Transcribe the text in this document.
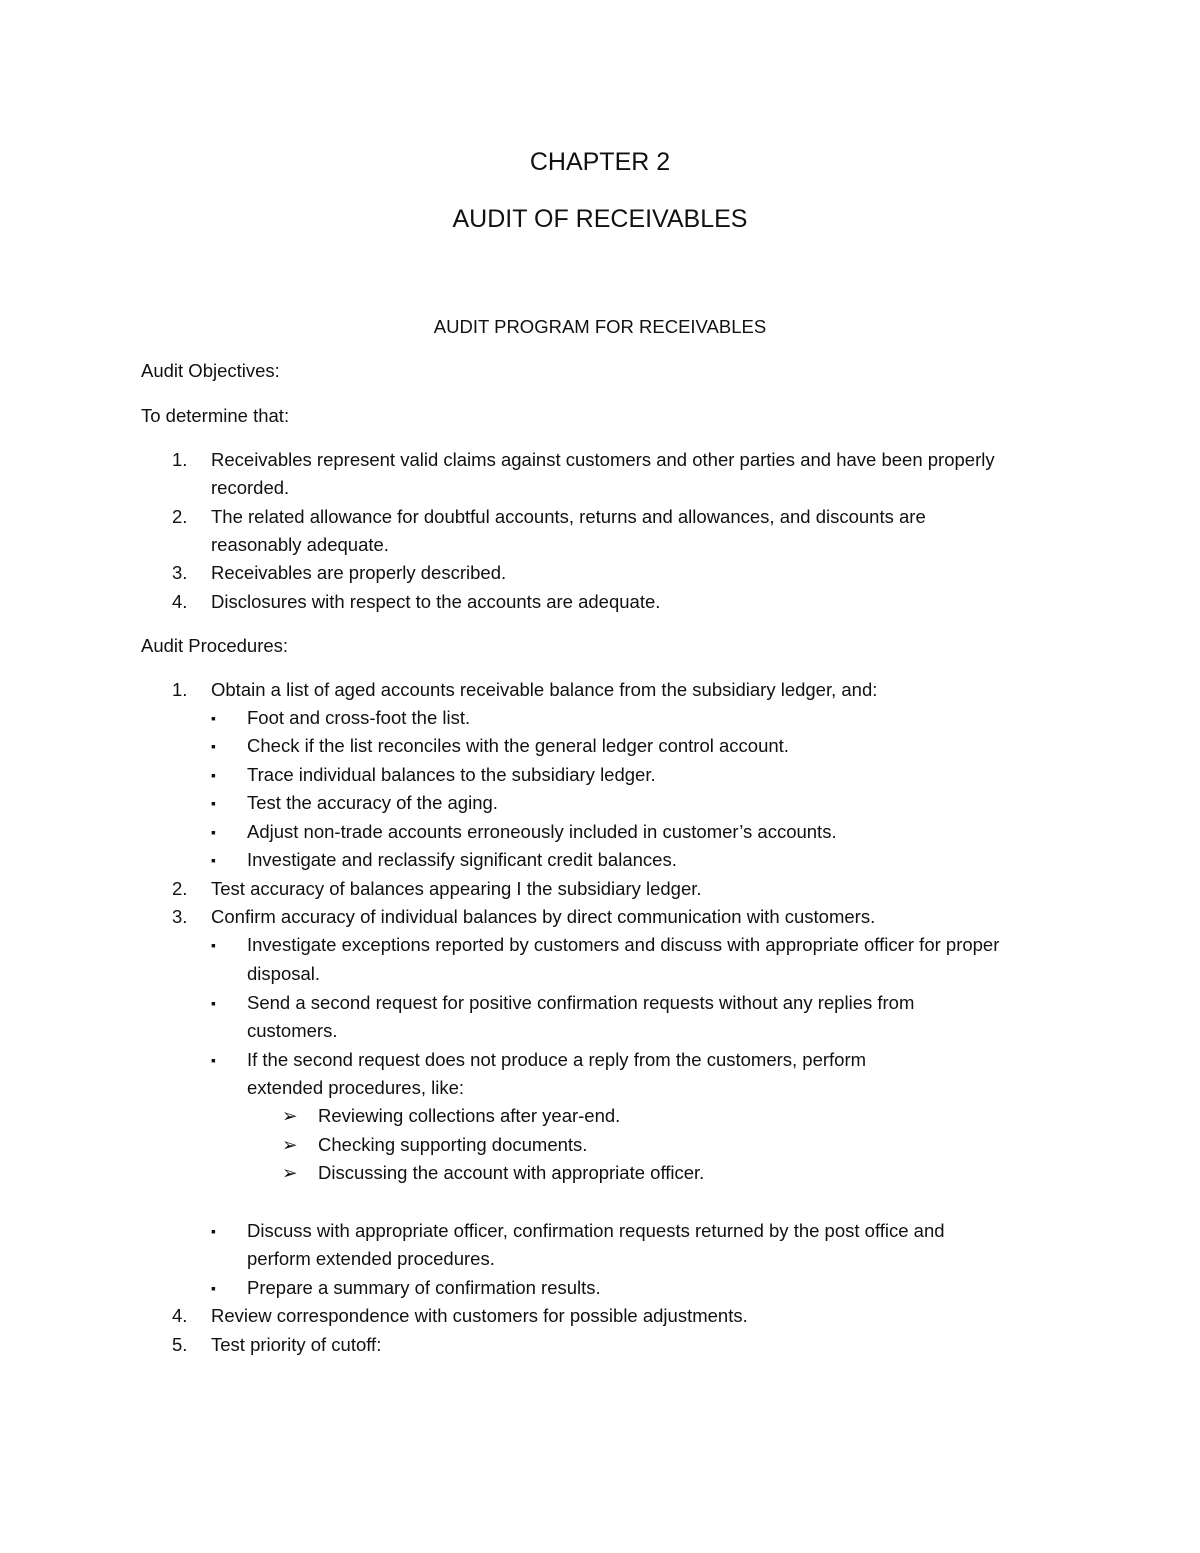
CHAPTER 2
AUDIT OF RECEIVABLES
AUDIT PROGRAM FOR RECEIVABLES
Audit Objectives:
To determine that:
1. Receivables represent valid claims against customers and other parties and have been properly
recorded.
2. The related allowance for doubtful accounts, returns and allowances, and discounts are
reasonably adequate.
3. Receivables are properly described.
4. Disclosures with respect to the accounts are adequate.
Audit Procedures:
1. Obtain a list of aged accounts receivable balance from the subsidiary ledger, and:
▪ Foot and cross-foot the list.
▪ Check if the list reconciles with the general ledger control account.
▪ Trace individual balances to the subsidiary ledger.
▪ Test the accuracy of the aging.
▪ Adjust non-trade accounts erroneously included in customer’s accounts.
▪ Investigate and reclassify significant credit balances.
2. Test accuracy of balances appearing I the subsidiary ledger.
3. Confirm accuracy of individual balances by direct communication with customers.
▪ Investigate exceptions reported by customers and discuss with appropriate officer for proper
disposal.
▪ Send a second request for positive confirmation requests without any replies from
customers.
▪ If the second request does not produce a reply from the customers, perform
extended procedures, like:
➢ Reviewing collections after year-end.
➢ Checking supporting documents.
➢ Discussing the account with appropriate officer.
▪ Discuss with appropriate officer, confirmation requests returned by the post office and
perform extended procedures.
▪ Prepare a summary of confirmation results.
4. Review correspondence with customers for possible adjustments.
5. Test priority of cutoff:
